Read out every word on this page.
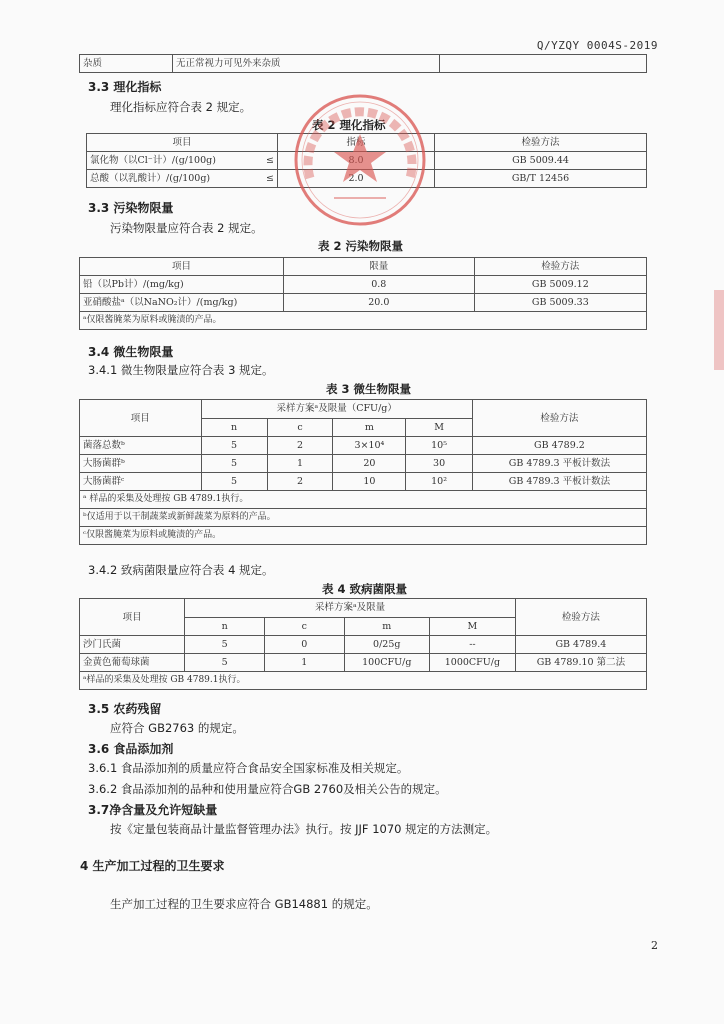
Q/YZQY 0004S-2019
杂质	无正常视力可见外来杂质	
3.3 理化指标
理化指标应符合表 2 规定。
表 2 理化指标
项目		指标	检验方法
氯化物（以Cl⁻计）/(g/100g)	≤		GB 5009.44
总酸（以乳酸计）/(g/100g)	≤	2.0	GB/T 12456
3.3 污染物限量
污染物限量应符合表 2 规定。
表 2 污染物限量
项目	限量	检验方法
铅（以Pb计）/(mg/kg)	0.8	GB 5009.12
亚硝酸盐ᵃ（以NaNO₂计）/(mg/kg)	20.0	GB 5009.33
ᵃ仅限酱腌菜为原料或腌渍的产品。		
3.4 微生物限量
3.4.1 微生物限量应符合表 3 规定。
表 3 微生物限量
项目	采样方案ᵃ及限量（CFU/g）				检验方法
	n	c	m	M	
菌落总数ᵇ	5	2	3×10⁴	10⁵	GB 4789.2
大肠菌群ᵇ	5	1	20	30	GB 4789.3 平板计数法
大肠菌群ᶜ	5	2	10	10²	GB 4789.3 平板计数法
ᵃ 样品的采集及处理按 GB 4789.1执行。					
ᵇ仅适用于以干制蔬菜或新鲜蔬菜为原料的产品。					
ᶜ仅限酱腌菜为原料或腌渍的产品。					
3.4.2 致病菌限量应符合表 4 规定。
表 4 致病菌限量
项目	采样方案ᵃ及限量				检验方法
	n	c	m	M	
沙门氏菌	5	0	0/25g	--	GB 4789.4
金黄色葡萄球菌	5	1	100CFU/g	1000CFU/g	GB 4789.10 第二法
ᵃ样品的采集及处理按 GB 4789.1执行。					
3.5 农药残留
应符合 GB2763 的规定。
3.6 食品添加剂
3.6.1 食品添加剂的质量应符合食品安全国家标准及相关规定。
3.6.2 食品添加剂的品种和使用量应符合GB 2760及相关公告的规定。
3.7净含量及允许短缺量
按《定量包装商品计量监督管理办法》执行。按 JJF 1070 规定的方法测定。
4 生产加工过程的卫生要求
生产加工过程的卫生要求应符合 GB14881 的规定。
2
